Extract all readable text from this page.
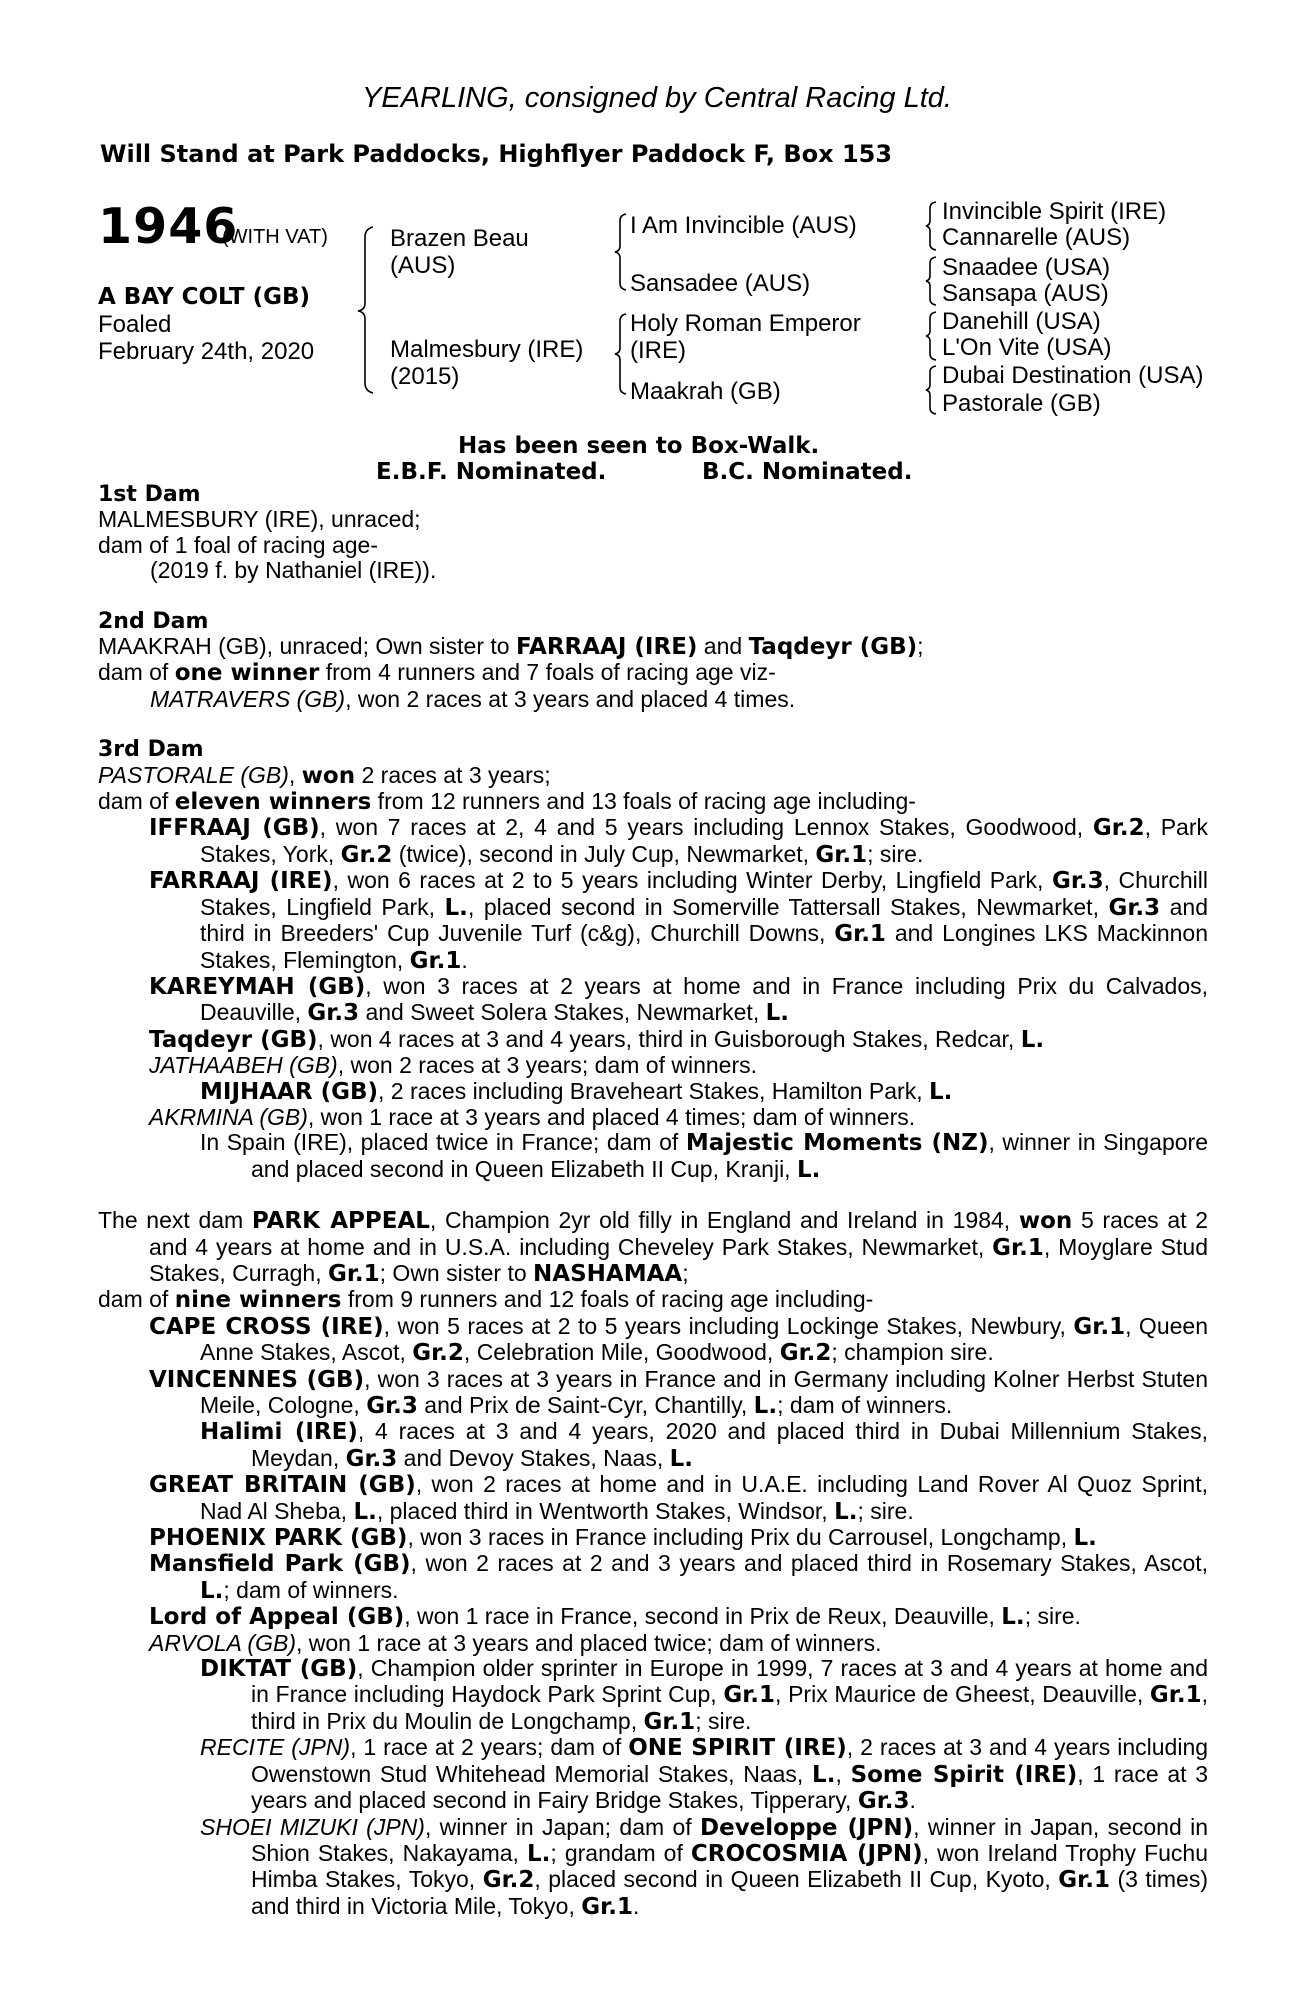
YEARLING, consigned by Central Racing Ltd.
Will Stand at Park Paddocks, Highflyer Paddock F, Box 153
1946
(WITH VAT)
A BAY COLT (GB)
Foaled
February 24th, 2020
Brazen Beau
(AUS)
Malmesbury (IRE)
(2015)
I Am Invincible (AUS)
Sansadee (AUS)
Holy Roman Emperor
(IRE)
Maakrah (GB)
Invincible Spirit (IRE)
Cannarelle (AUS)
Snaadee (USA)
Sansapa (AUS)
Danehill (USA)
L'On Vite (USA)
Dubai Destination (USA)
Pastorale (GB)
Has been seen to Box-Walk.
E.B.F. Nominated.	B.C. Nominated.
1st Dam
MALMESBURY (IRE), unraced;
dam of 1 foal of racing age-
(2019 f. by Nathaniel (IRE)).
2nd Dam
MAAKRAH (GB), unraced; Own sister to FARRAAJ (IRE) and Taqdeyr (GB);
dam of one winner from 4 runners and 7 foals of racing age viz-
MATRAVERS (GB), won 2 races at 3 years and placed 4 times.
3rd Dam
PASTORALE (GB), won 2 races at 3 years;
dam of eleven winners from 12 runners and 13 foals of racing age including-

IFFRAAJ (GB), won 7 races at 2, 4 and 5 years including Lennox Stakes, Goodwood, Gr.2, Park Stakes, York, Gr.2 (twice), second in July Cup, Newmarket, Gr.1; sire.

FARRAAJ (IRE), won 6 races at 2 to 5 years including Winter Derby, Lingfield Park, Gr.3, Churchill Stakes, Lingfield Park, L., placed second in Somerville Tattersall Stakes, Newmarket, Gr.3 and third in Breeders' Cup Juvenile Turf (c&g), Churchill Downs, Gr.1 and Longines LKS Mackinnon Stakes, Flemington, Gr.1.

KAREYMAH (GB), won 3 races at 2 years at home and in France including Prix du Calvados, Deauville, Gr.3 and Sweet Solera Stakes, Newmarket, L.

Taqdeyr (GB), won 4 races at 3 and 4 years, third in Guisborough Stakes, Redcar, L.

JATHAABEH (GB), won 2 races at 3 years; dam of winners.

MIJHAAR (GB), 2 races including Braveheart Stakes, Hamilton Park, L.

AKRMINA (GB), won 1 race at 3 years and placed 4 times; dam of winners.

In Spain (IRE), placed twice in France; dam of Majestic Moments (NZ), winner in Singapore and placed second in Queen Elizabeth II Cup, Kranji, L.

The next dam PARK APPEAL, Champion 2yr old filly in England and Ireland in 1984, won 5 races at 2 and 4 years at home and in U.S.A. including Cheveley Park Stakes, Newmarket, Gr.1, Moyglare Stud Stakes, Curragh, Gr.1; Own sister to NASHAMAA;

dam of nine winners from 9 runners and 12 foals of racing age including-

CAPE CROSS (IRE), won 5 races at 2 to 5 years including Lockinge Stakes, Newbury, Gr.1, Queen Anne Stakes, Ascot, Gr.2, Celebration Mile, Goodwood, Gr.2; champion sire.

VINCENNES (GB), won 3 races at 3 years in France and in Germany including Kolner Herbst Stuten Meile, Cologne, Gr.3 and Prix de Saint-Cyr, Chantilly, L.; dam of winners.

Halimi (IRE), 4 races at 3 and 4 years, 2020 and placed third in Dubai Millennium Stakes, Meydan, Gr.3 and Devoy Stakes, Naas, L.

GREAT BRITAIN (GB), won 2 races at home and in U.A.E. including Land Rover Al Quoz Sprint, Nad Al Sheba, L., placed third in Wentworth Stakes, Windsor, L.; sire.

PHOENIX PARK (GB), won 3 races in France including Prix du Carrousel, Longchamp, L.

Mansfield Park (GB), won 2 races at 2 and 3 years and placed third in Rosemary Stakes, Ascot, L.; dam of winners.

Lord of Appeal (GB), won 1 race in France, second in Prix de Reux, Deauville, L.; sire.

ARVOLA (GB), won 1 race at 3 years and placed twice; dam of winners.

DIKTAT (GB), Champion older sprinter in Europe in 1999, 7 races at 3 and 4 years at home and in France including Haydock Park Sprint Cup, Gr.1, Prix Maurice de Gheest, Deauville, Gr.1, third in Prix du Moulin de Longchamp, Gr.1; sire.

RECITE (JPN), 1 race at 2 years; dam of ONE SPIRIT (IRE), 2 races at 3 and 4 years including Owenstown Stud Whitehead Memorial Stakes, Naas, L., Some Spirit (IRE), 1 race at 3 years and placed second in Fairy Bridge Stakes, Tipperary, Gr.3.

SHOEI MIZUKI (JPN), winner in Japan; dam of Developpe (JPN), winner in Japan, second in Shion Stakes, Nakayama, L.; grandam of CROCOSMIA (JPN), won Ireland Trophy Fuchu Himba Stakes, Tokyo, Gr.2, placed second in Queen Elizabeth II Cup, Kyoto, Gr.1 (3 times) and third in Victoria Mile, Tokyo, Gr.1.
